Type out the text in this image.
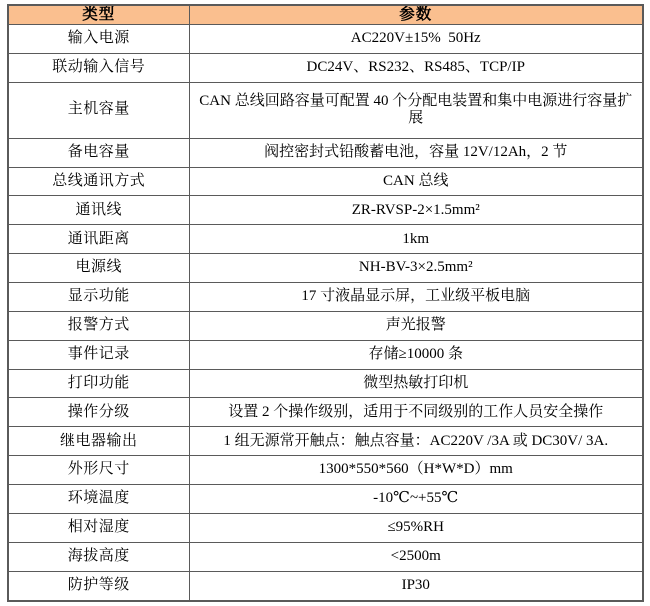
类型	参数
输入电源	AC220V±15%  50Hz
联动输入信号	DC24V、RS232、RS485、TCP/IP
主机容量	CAN 总线回路容量可配置 40 个分配电装置和集中电源进行容量扩展
备电容量	阀控密封式铅酸蓄电池，容量 12V/12Ah，2 节
总线通讯方式	CAN 总线
通讯线	ZR-RVSP-2×1.5mm²
通讯距离	1km
电源线	NH-BV-3×2.5mm²
显示功能	17 寸液晶显示屏，工业级平板电脑
报警方式	声光报警
事件记录	存储≥10000 条
打印功能	微型热敏打印机
操作分级	设置 2 个操作级别，适用于不同级别的工作人员安全操作
继电器输出	1 组无源常开触点：触点容量：AC220V /3A 或 DC30V/ 3A.
外形尺寸	1300*550*560（H*W*D）mm
环境温度	-10℃~+55℃
相对湿度	≤95%RH
海拔高度	<2500m
防护等级	IP30
